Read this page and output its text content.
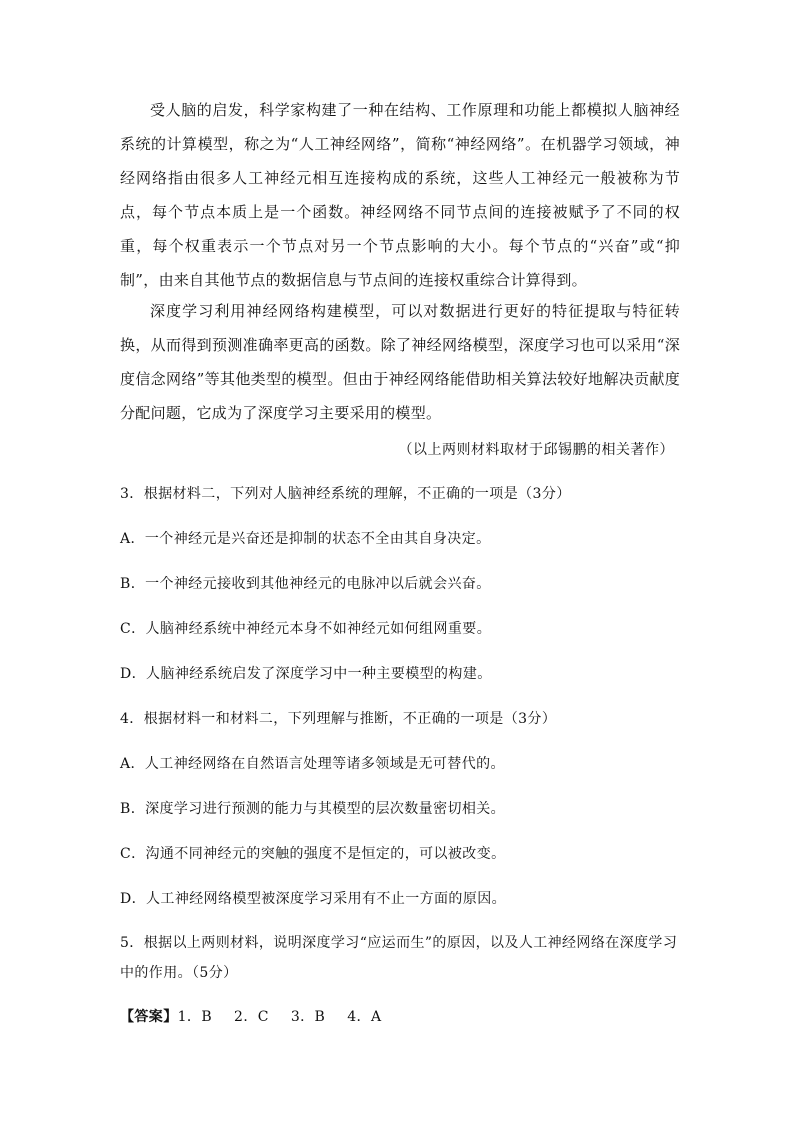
受人脑的启发，科学家构建了一种在结构、工作原理和功能上都模拟人脑神经系统的计算模型，称之为“人工神经网络”，简称“神经网络”。在机器学习领域，神经网络指由很多人工神经元相互连接构成的系统，这些人工神经元一般被称为节点，每个节点本质上是一个函数。神经网络不同节点间的连接被赋予了不同的权重，每个权重表示一个节点对另一个节点影响的大小。每个节点的“兴奋”或“抑制”，由来自其他节点的数据信息与节点间的连接权重综合计算得到。

深度学习利用神经网络构建模型，可以对数据进行更好的特征提取与特征转换，从而得到预测准确率更高的函数。除了神经网络模型，深度学习也可以采用“深度信念网络”等其他类型的模型。但由于神经网络能借助相关算法较好地解决贡献度分配问题，它成为了深度学习主要采用的模型。

（以上两则材料取材于邱锡鹏的相关著作）

3．根据材料二，下列对人脑神经系统的理解，不正确的一项是（3分）

A．一个神经元是兴奋还是抑制的状态不全由其自身决定。

B．一个神经元接收到其他神经元的电脉冲以后就会兴奋。

C．人脑神经系统中神经元本身不如神经元如何组网重要。

D．人脑神经系统启发了深度学习中一种主要模型的构建。

4．根据材料一和材料二，下列理解与推断，不正确的一项是（3分）

A．人工神经网络在自然语言处理等诸多领域是无可替代的。

B．深度学习进行预测的能力与其模型的层次数量密切相关。

C．沟通不同神经元的突触的强度不是恒定的，可以被改变。

D．人工神经网络模型被深度学习采用有不止一方面的原因。

5．根据以上两则材料，说明深度学习“应运而生”的原因，以及人工神经网络在深度学习中的作用。（5分）

【答案】1．B 2．C 3．B 4．A
